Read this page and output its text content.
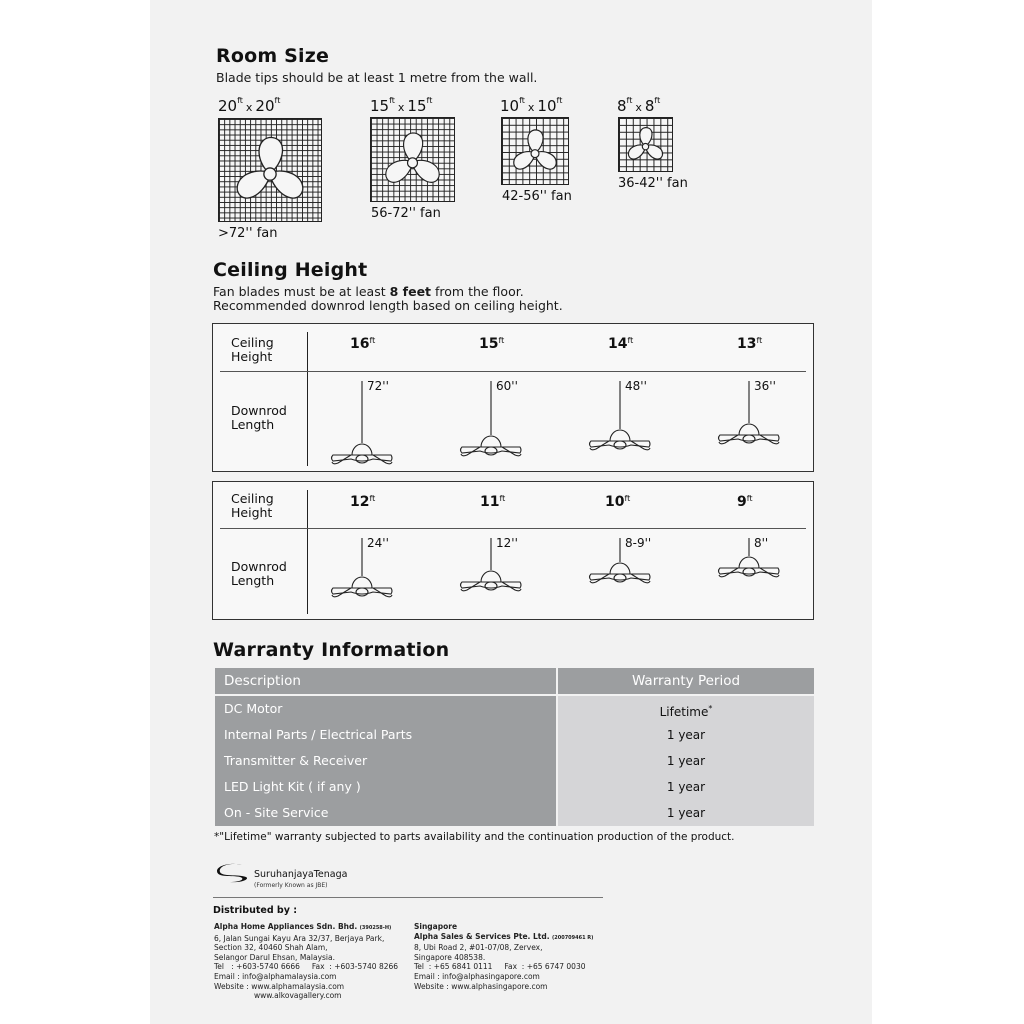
Room Size
Blade tips should be at least 1 metre from the wall.
$20^{ft}x$ $20^{ft}$
>72'' fan
$15^{ft}x$ $15^{ft}$
56-72'' fan
$10^{ft}x$ $10^{ft}$
42-56'' fan
$8^{ft}x$ $8^{ft}$
36-42'' fan
Ceiling Height
Fan blades must be at least 8 feet from the floor.
Recommended downrod length based on ceiling height.
Ceiling
Height
Downrod
Length
$16^{ft}$	$15^{ft}$	$14^{ft}$	$13^{ft}$
72''	60''	48''	36''
Ceiling
Height
Downrod
Length
$12^{ft}$	$11^{ft}$	$10^{ft}$	$9^{ft}$
24''	12''	8-9''	8''
Warranty Information
Description	Warranty Period
DC Motor	Lifetime*
Internal Parts / Electrical Parts	1 year
Transmitter & Receiver	1 year
LED Light Kit ( if any )	1 year
On - Site Service	1 year
*"Lifetime" warranty subjected to parts availability and the continuation production of the product.
SuruhanjayaTenaga
(Formerly Known as JBE)
Distributed by :
Alpha Home Appliances Sdn. Bhd. (390258-H)
6, Jalan Sungai Kayu Ara 32/37, Berjaya Park,
Section 32, 40460 Shah Alam,
Selangor Darul Ehsan, Malaysia.
Tel   : +603-5740 6666     Fax  : +603-5740 8266
Email : info@alphamalaysia.com
Website : www.alphamalaysia.com
www.alkovagallery.com
Singapore
Alpha Sales & Services Pte. Ltd. (200709461 R)
8, Ubi Road 2, #01-07/08, Zervex,
Singapore 408538.
Tel  : +65 6841 0111     Fax  : +65 6747 0030
Email : info@alphasingapore.com
Website : www.alphasingapore.com
